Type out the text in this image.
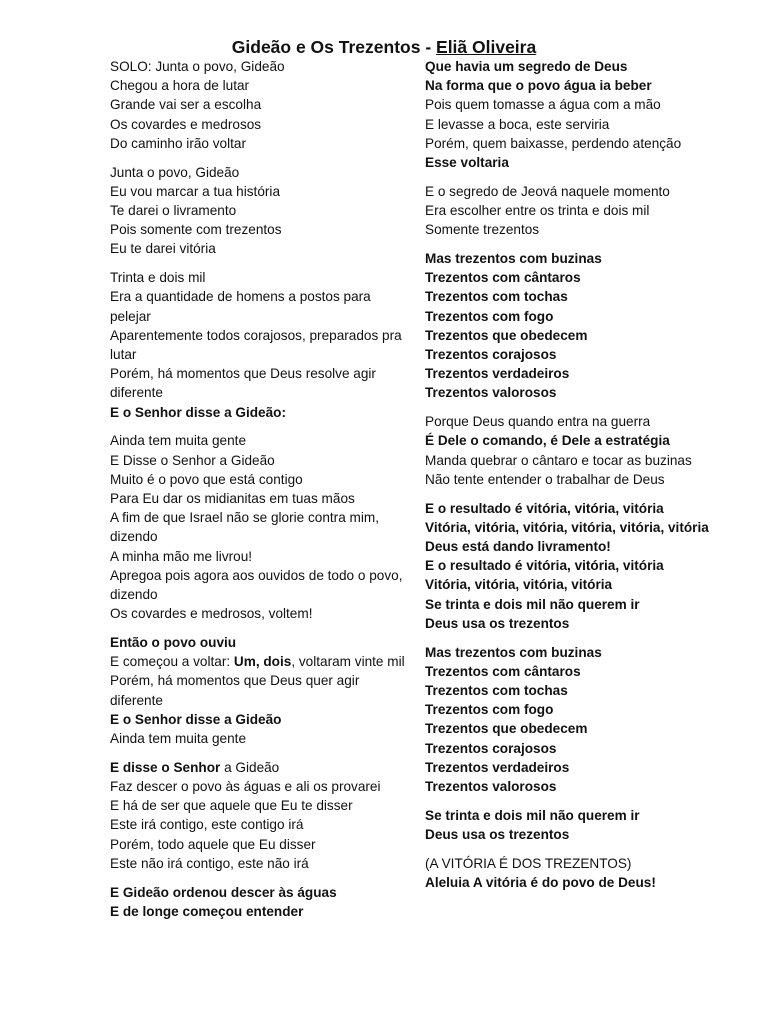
Gideão e Os Trezentos - Eliã Oliveira
SOLO: Junta o povo, Gideão
Chegou a hora de lutar
Grande vai ser a escolha
Os covardes e medrosos
Do caminho irão voltar
Junta o povo, Gideão
Eu vou marcar a tua história
Te darei o livramento
Pois somente com trezentos
Eu te darei vitória
Trinta e dois mil
Era a quantidade de homens a postos para pelejar
Aparentemente todos corajosos, preparados pra lutar
Porém, há momentos que Deus resolve agir diferente
E o Senhor disse a Gideão:
Ainda tem muita gente
E Disse o Senhor a Gideão
Muito é o povo que está contigo
Para Eu dar os midianitas em tuas mãos
A fim de que Israel não se glorie contra mim, dizendo
A minha mão me livrou!
Apregoa pois agora aos ouvidos de todo o povo, dizendo
Os covardes e medrosos, voltem!
Então o povo ouviu
E começou a voltar: Um, dois, voltaram vinte mil
Porém, há momentos que Deus quer agir diferente
E o Senhor disse a Gideão
Ainda tem muita gente
E disse o Senhor a Gideão
Faz descer o povo às águas e ali os provarei
E há de ser que aquele que Eu te disser
Este irá contigo, este contigo irá
Porém, todo aquele que Eu disser
Este não irá contigo, este não irá
E Gideão ordenou descer às águas
E de longe começou entender
Que havia um segredo de Deus
Na forma que o povo água ia beber
Pois quem tomasse a água com a mão
E levasse a boca, este serviria
Porém, quem baixasse, perdendo atenção
Esse voltaria
E o segredo de Jeová naquele momento
Era escolher entre os trinta e dois mil
Somente trezentos
Mas trezentos com buzinas
Trezentos com cântaros
Trezentos com tochas
Trezentos com fogo
Trezentos que obedecem
Trezentos corajosos
Trezentos verdadeiros
Trezentos valorosos
Porque Deus quando entra na guerra
É Dele o comando, é Dele a estratégia
Manda quebrar o cântaro e tocar as buzinas
Não tente entender o trabalhar de Deus
E o resultado é vitória, vitória, vitória
Vitória, vitória, vitória, vitória, vitória, vitória
Deus está dando livramento!
E o resultado é vitória, vitória, vitória
Vitória, vitória, vitória, vitória
Se trinta e dois mil não querem ir
Deus usa os trezentos
Mas trezentos com buzinas
Trezentos com cântaros
Trezentos com tochas
Trezentos com fogo
Trezentos que obedecem
Trezentos corajosos
Trezentos verdadeiros
Trezentos valorosos
Se trinta e dois mil não querem ir
Deus usa os trezentos
(A VITÓRIA É DOS TREZENTOS)
Aleluia A vitória é do povo de Deus!
